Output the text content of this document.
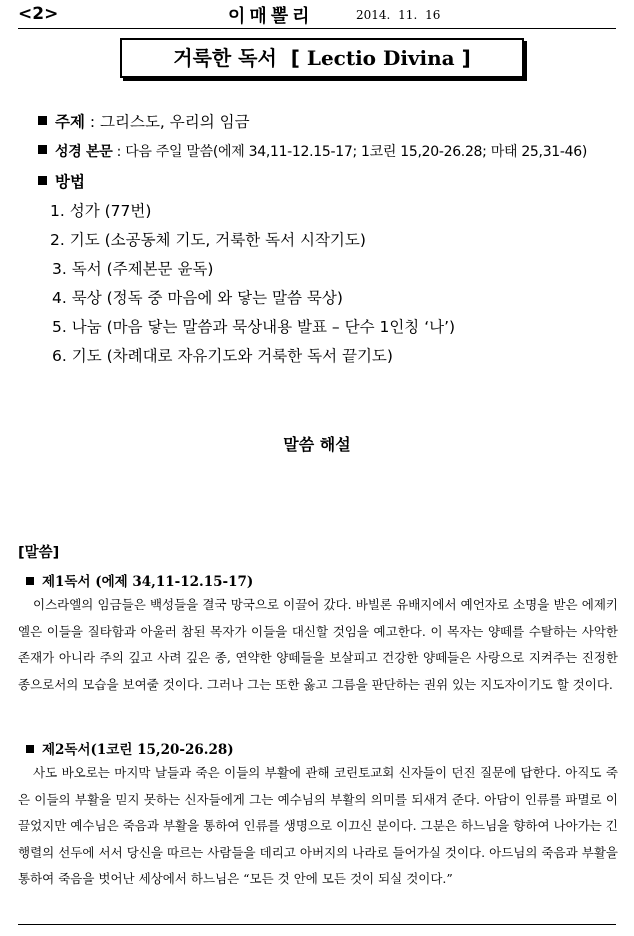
<2>	이매뽈리	2014. 11. 16
거룩한 독서  [ Lectio Divina ]
주제 : 그리스도, 우리의 임금
성경 본문 : 다음 주일 말씀(에제 34,11-12.15-17; 1코린 15,20-26.28; 마태 25,31-46)
방법
1. 성가 (77번)
2. 기도 (소공동체 기도, 거룩한 독서 시작기도)
3. 독서 (주제본문 윤독)
4. 묵상 (정독 중 마음에 와 닿는 말씀 묵상)
5. 나눔 (마음 닿는 말씀과 묵상내용 발표 – 단수 1인칭 ‘나’)
6. 기도 (차례대로 자유기도와 거룩한 독서 끝기도)
말씀 해설
[말씀]
제1독서 (에제 34,11-12.15-17)
이스라엘의 임금들은 백성들을 결국 망국으로 이끌어 갔다. 바빌론 유배지에서 예언자로 소명을 받은 에제키엘은 이들을 질타함과 아울러 참된 목자가 이들을 대신할 것임을 예고한다. 이 목자는 양떼를 수탈하는 사악한 존재가 아니라 주의 깊고 사려 깊은 종, 연약한 양떼들을 보살피고 건강한 양떼들은 사랑으로 지켜주는 진정한 종으로서의 모습을 보여줄 것이다. 그러나 그는 또한 옳고 그름을 판단하는 권위 있는 지도자이기도 할 것이다.
제2독서(1코린 15,20-26.28)
사도 바오로는 마지막 날들과 죽은 이들의 부활에 관해 코린토교회 신자들이 던진 질문에 답한다. 아직도 죽은 이들의 부활을 믿지 못하는 신자들에게 그는 예수님의 부활의 의미를 되새겨 준다. 아담이 인류를 파멸로 이끌었지만 예수님은 죽음과 부활을 통하여 인류를 생명으로 이끄신 분이다. 그분은 하느님을 향하여 나아가는 긴 행렬의 선두에 서서 당신을 따르는 사람들을 데리고 아버지의 나라로 들어가실 것이다. 아드님의 죽음과 부활을 통하여 죽음을 벗어난 세상에서 하느님은 “모든 것 안에 모든 것이 되실 것이다.”
